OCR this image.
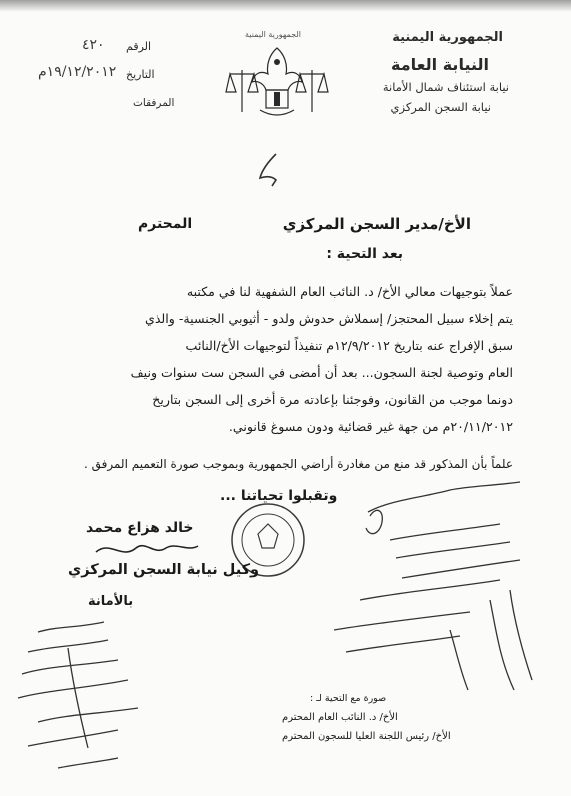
الجمهورية اليمنية
النيابة العامة
نيابة استئناف شمال الأمانة
نيابة السجن المركزي
الجمهورية اليمنية
الرقم
٤٢٠
التاريخ
١٩/١٢/٢٠١٢م
المرفقات
الأخ/مدير السجن المركزي
المحترم
بعد التحية :
عملاً بتوجيهات معالي الأخ/ د. النائب العام الشفهية لنا في مكتبه
يتم إخلاء سبيل المحتجز/ إسملاش حدوش ولدو - أثيوبي الجنسية- والذي
سبق الإفراج عنه بتاريخ ١٢/٩/٢٠١٢م تنفيذاً لتوجيهات الأخ/النائب
العام وتوصية لجنة السجون... بعد أن أمضى في السجن ست سنوات ونيف
دونما موجب من القانون، وفوجئنا بإعادته مرة أخرى إلى السجن بتاريخ
٢٠/١١/٢٠١٢م من جهة غير قضائية ودون مسوغ قانوني.
علماً بأن المذكور قد منع من مغادرة أراضي الجمهورية وبموجب صورة التعميم المرفق .
وتقبلوا تحياتنا ...
خالد هزاع محمد
وكيل نيابة السجن المركزي
بالأمانة
صورة مع التحية لـ :
الأخ/ د. النائب العام المحترم
الأخ/ رئيس اللجنة العليا للسجون المحترم
